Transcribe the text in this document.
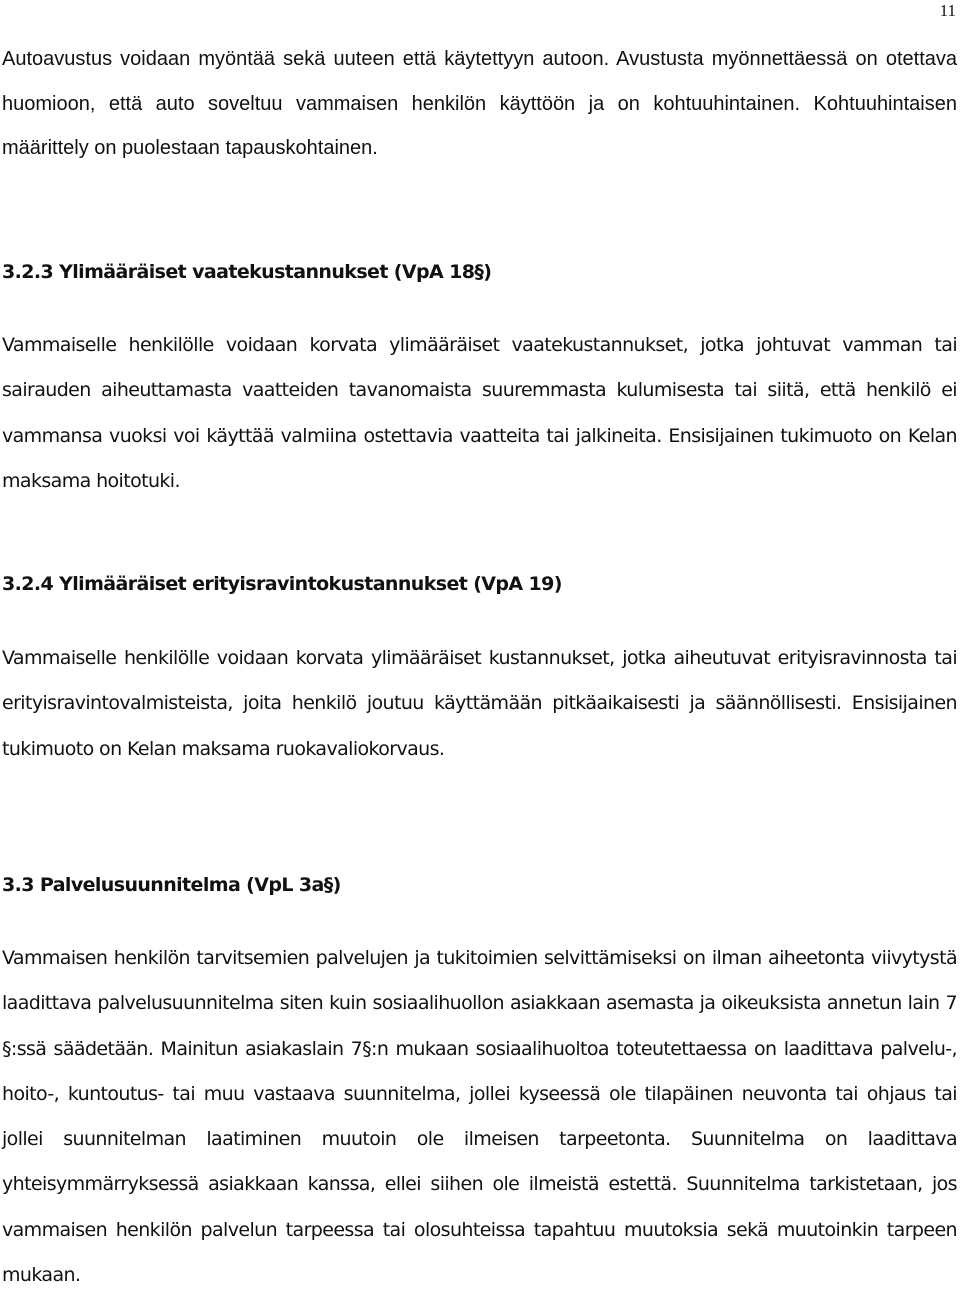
11

Autoavustus voidaan myöntää sekä uuteen että käytettyyn autoon. Avustusta myönnettäessä on otettava huomioon, että auto soveltuu vammaisen henkilön käyttöön ja on kohtuuhintainen. Kohtuuhintaisen määrittely on puolestaan tapauskohtainen.

3.2.3 Ylimääräiset vaatekustannukset (VpA 18§)

Vammaiselle henkilölle voidaan korvata ylimääräiset vaatekustannukset, jotka johtuvat vamman tai sairauden aiheuttamasta vaatteiden tavanomaista suuremmasta kulumisesta tai siitä, että henkilö ei vammansa vuoksi voi käyttää valmiina ostettavia vaatteita tai jalkineita. Ensisijainen tukimuoto on Kelan maksama hoitotuki.

3.2.4 Ylimääräiset erityisravintokustannukset (VpA 19)

Vammaiselle henkilölle voidaan korvata ylimääräiset kustannukset, jotka aiheutuvat erityisravinnosta tai erityisravintovalmisteista, joita henkilö joutuu käyttämään pitkäaikaisesti ja säännöllisesti. Ensisijainen tukimuoto on Kelan maksama ruokavaliokorvaus.

3.3 Palvelusuunnitelma (VpL 3a§)

Vammaisen henkilön tarvitsemien palvelujen ja tukitoimien selvittämiseksi on ilman aiheetonta viivytystä laadittava palvelusuunnitelma siten kuin sosiaalihuollon asiakkaan asemasta ja oikeuksista annetun lain 7 §:ssä säädetään. Mainitun asiakaslain 7§:n mukaan sosiaalihuoltoa toteutettaessa on laadittava palvelu-, hoito-, kuntoutus- tai muu vastaava suunnitelma, jollei kyseessä ole tilapäinen neuvonta tai ohjaus tai jollei suunnitelman laatiminen muutoin ole ilmeisen tarpeetonta. Suunnitelma on laadittava yhteisymmärryksessä asiakkaan kanssa, ellei siihen ole ilmeistä estettä. Suunnitelma tarkistetaan, jos vammaisen henkilön palvelun tarpeessa tai olosuhteissa tapahtuu muutoksia sekä muutoinkin tarpeen mukaan.
